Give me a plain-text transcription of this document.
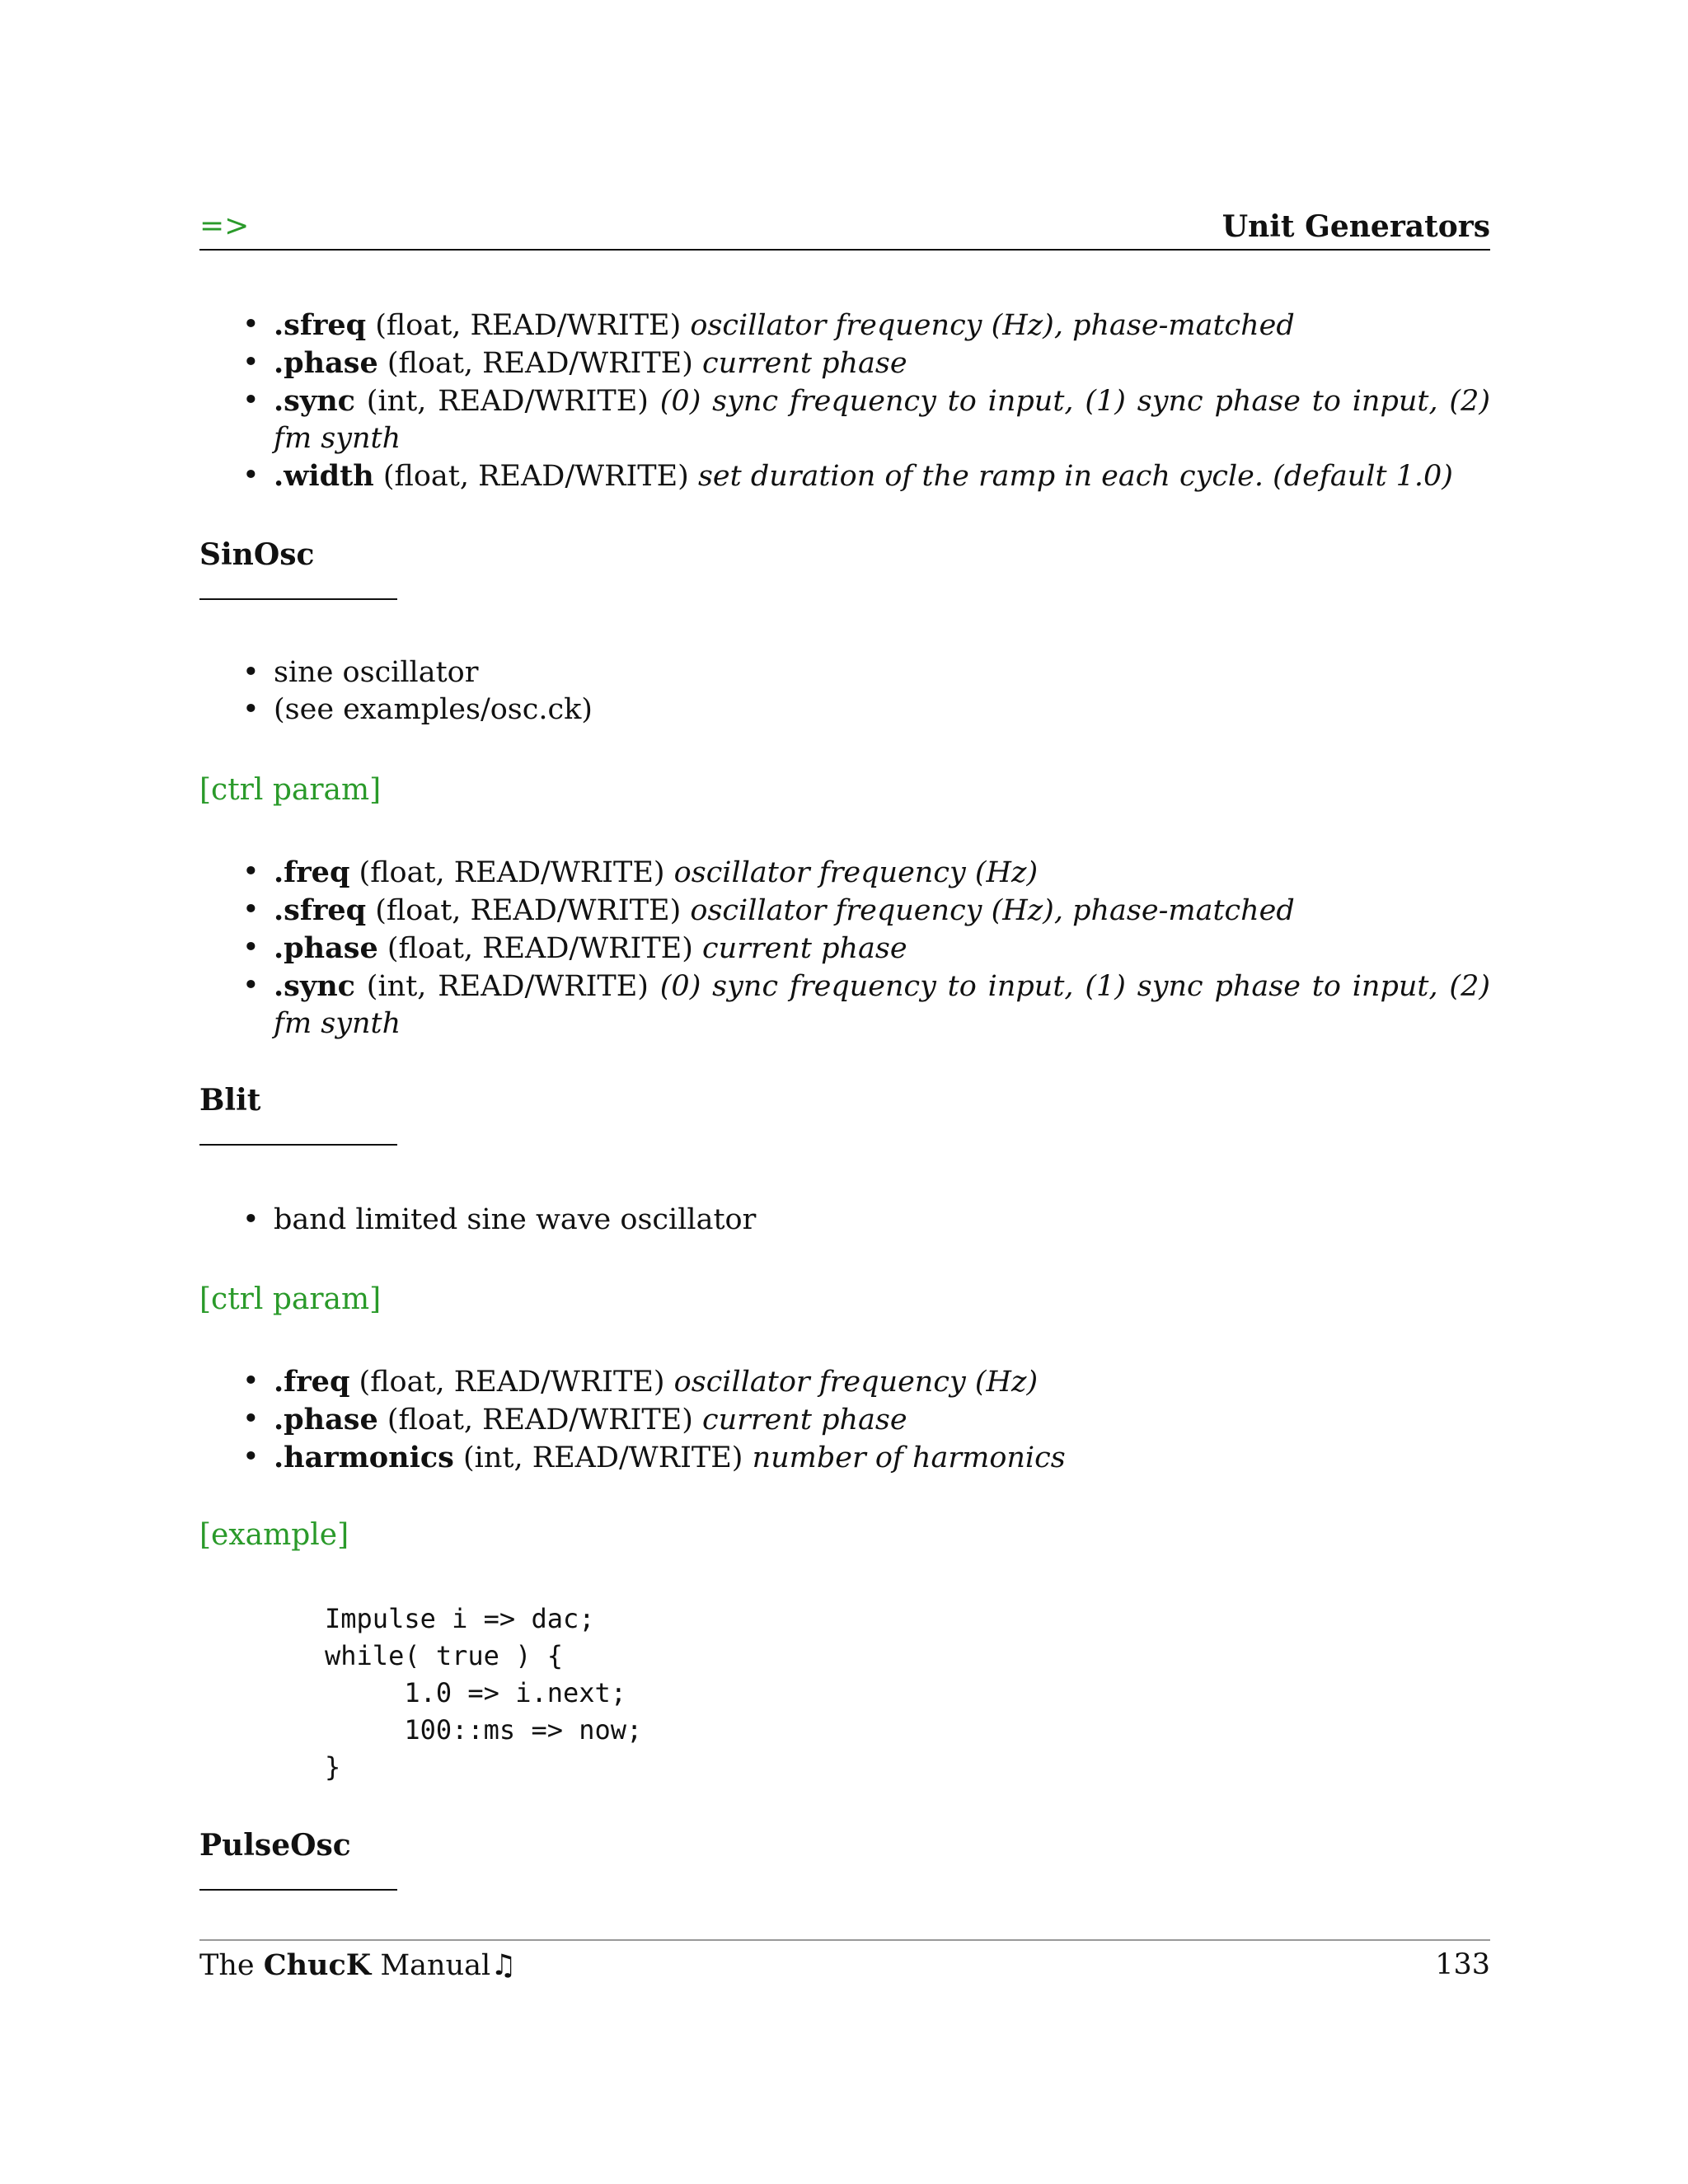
=>	Unit Generators
• .sfreq (float, READ/WRITE) oscillator frequency (Hz), phase-matched
• .phase (float, READ/WRITE) current phase
• .sync (int, READ/WRITE) (0) sync frequency to input, (1) sync phase to input, (2) fm synth
• .width (float, READ/WRITE) set duration of the ramp in each cycle. (default 1.0)
SinOsc
• sine oscillator
• (see examples/osc.ck)
[ctrl param]
• .freq (float, READ/WRITE) oscillator frequency (Hz)
• .sfreq (float, READ/WRITE) oscillator frequency (Hz), phase-matched
• .phase (float, READ/WRITE) current phase
• .sync (int, READ/WRITE) (0) sync frequency to input, (1) sync phase to input, (2) fm synth
Blit
• band limited sine wave oscillator
[ctrl param]
• .freq (float, READ/WRITE) oscillator frequency (Hz)
• .phase (float, READ/WRITE) current phase
• .harmonics (int, READ/WRITE) number of harmonics
[example]
Impulse i => dac;
while( true ) {
1.0 => i.next;
100::ms => now;
}
PulseOsc
The ChucK Manual♫	133
